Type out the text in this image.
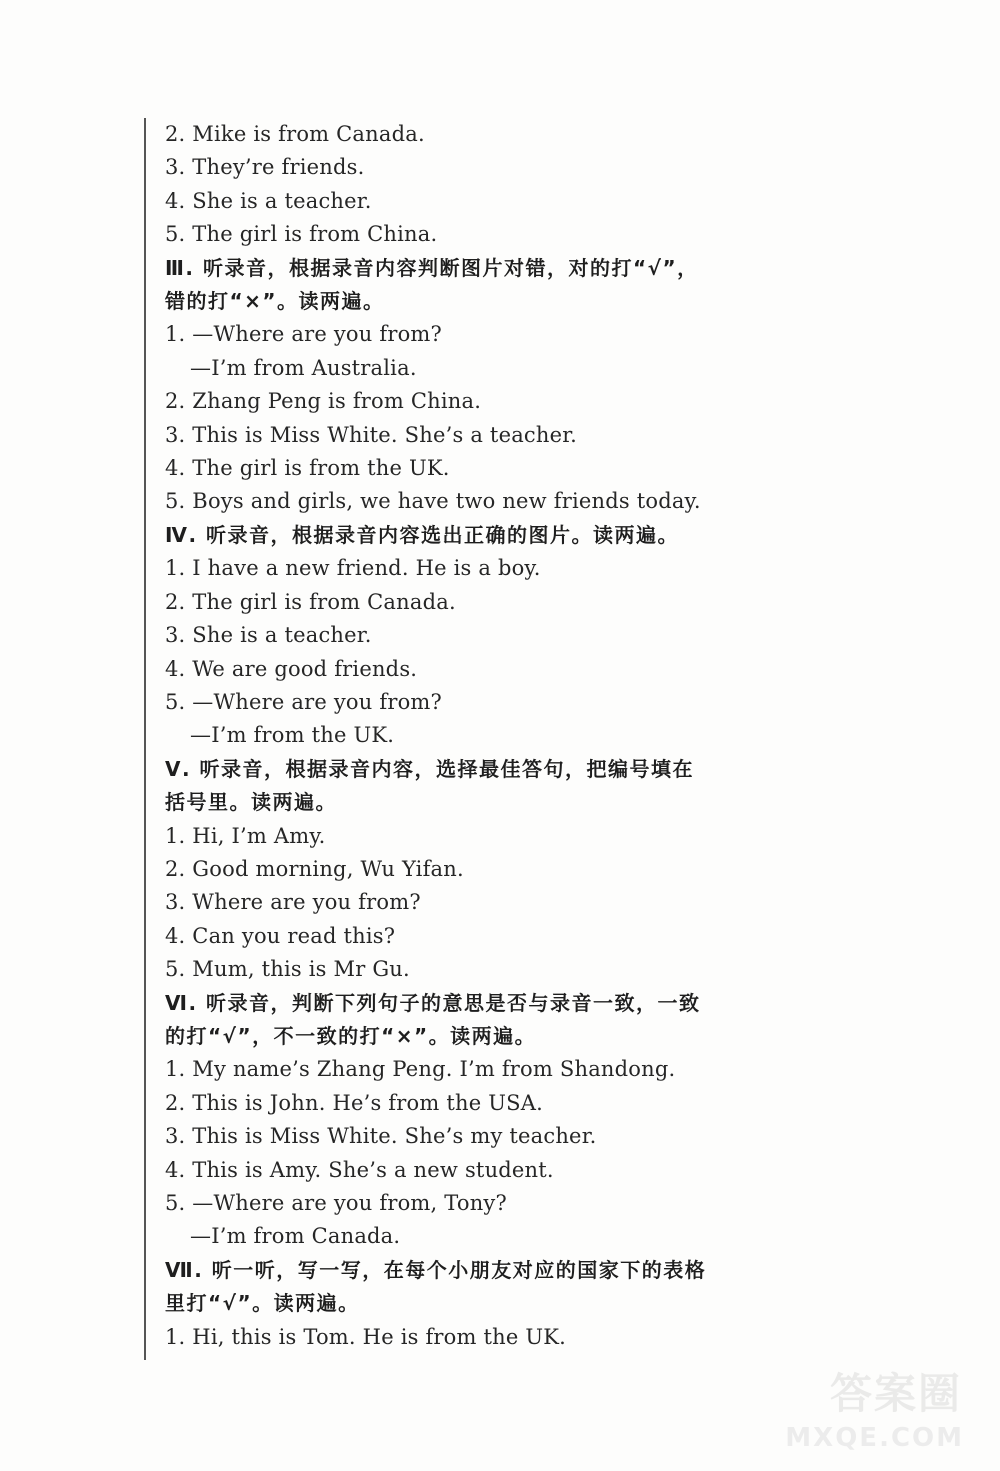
2. Mike is from Canada.
3. They’re friends.
4. She is a teacher.
5. The girl is from China.
Ⅲ. 听录音，根据录音内容判断图片对错，对的打“√”，
错的打“×”。读两遍。
1. —Where are you from?
—I’m from Australia.
2. Zhang Peng is from China.
3. This is Miss White. She’s a teacher.
4. The girl is from the UK.
5. Boys and girls, we have two new friends today.
Ⅳ. 听录音，根据录音内容选出正确的图片。读两遍。
1. I have a new friend. He is a boy.
2. The girl is from Canada.
3. She is a teacher.
4. We are good friends.
5. —Where are you from?
—I’m from the UK.
Ⅴ. 听录音，根据录音内容，选择最佳答句，把编号填在
括号里。读两遍。
1. Hi, I’m Amy.
2. Good morning, Wu Yifan.
3. Where are you from?
4. Can you read this?
5. Mum, this is Mr Gu.
Ⅵ. 听录音，判断下列句子的意思是否与录音一致，一致
的打“√”，不一致的打“×”。读两遍。
1. My name’s Zhang Peng. I’m from Shandong.
2. This is John. He’s from the USA.
3. This is Miss White. She’s my teacher.
4. This is Amy. She’s a new student.
5. —Where are you from, Tony?
—I’m from Canada.
Ⅶ. 听一听，写一写，在每个小朋友对应的国家下的表格
里打“√”。读两遍。
1. Hi, this is Tom. He is from the UK.
答案圈
MXQE.COM
